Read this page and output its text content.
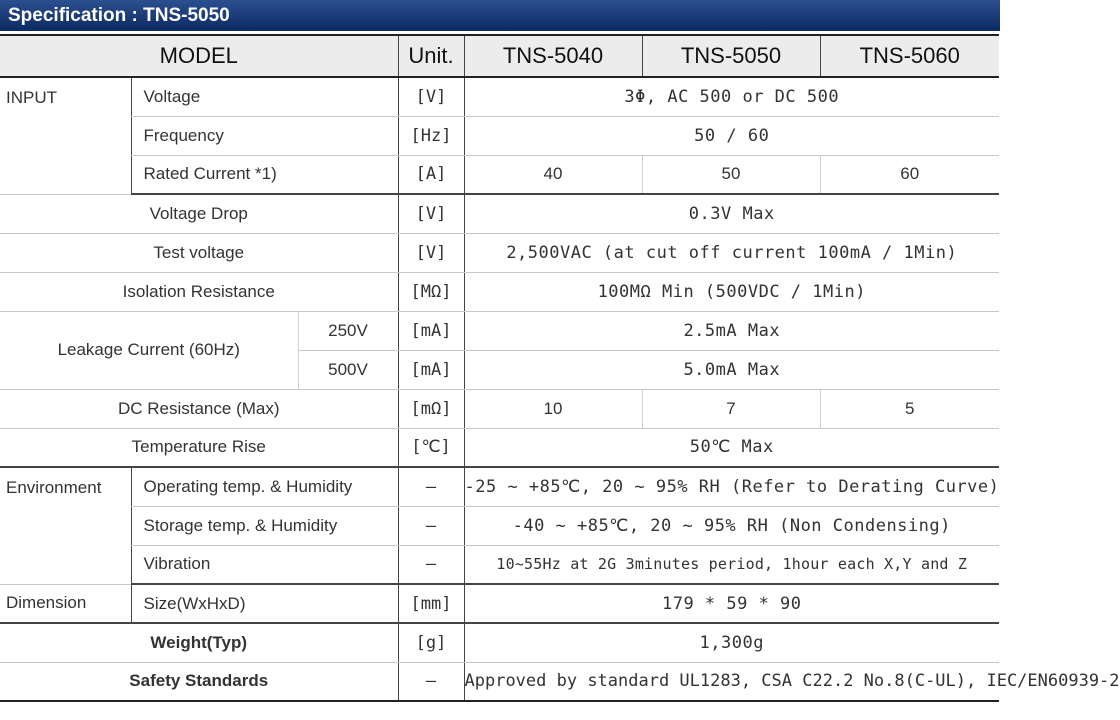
Specification : TNS-5050
MODEL			Unit.	TNS-5040	TNS-5050	TNS-5060
INPUT	Voltage		[V]	3Φ, AC 500 or DC 500		
	Frequency		[Hz]	50 / 60		
	Rated Current *1)		[A]	40	50	60
Voltage Drop			[V]	0.3V Max		
Test voltage			[V]	2,500VAC (at cut off current 100mA / 1Min)		
Isolation Resistance			[MΩ]	100MΩ Min (500VDC / 1Min)		
Leakage Current (60Hz)		250V	[mA]	2.5mA Max		
		500V	[mA]	5.0mA Max		
DC Resistance (Max)			[mΩ]	10	7	5
Temperature Rise			[℃]	50℃ Max		
Environment	Operating temp. & Humidity		–	-25 ~ +85℃, 20 ~ 95% RH (Refer to Derating Curve)		
	Storage temp. & Humidity		–	-40 ~ +85℃, 20 ~ 95% RH (Non Condensing)		
	Vibration		–	10~55Hz at 2G 3minutes period, 1hour each X,Y and Z		
Dimension	Size(WxHxD)		[mm]	179 * 59 * 90		
Weight(Typ)			[g]	1,300g		
Safety Standards			–	Approved by standard UL1283, CSA C22.2 No.8(C-UL), IEC/EN60939-2		
